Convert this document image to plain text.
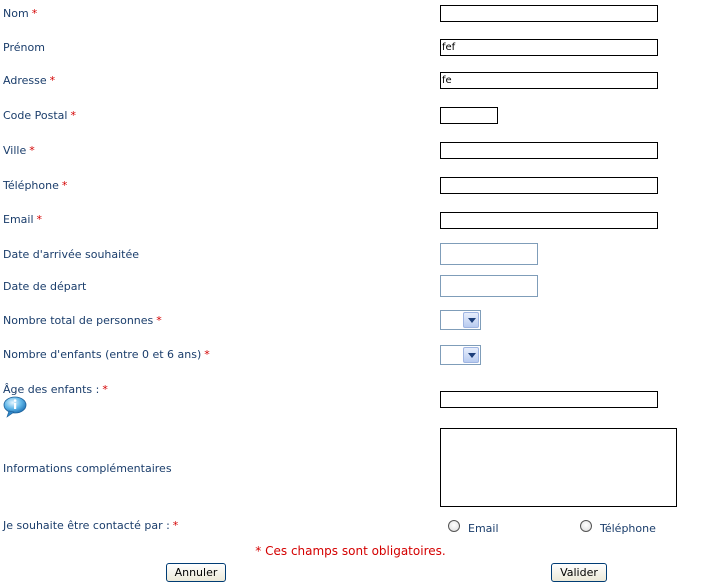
Nom *
Prénom	fef
Adresse *	fe
Code Postal *
Ville *
Téléphone *
Email *
Date d'arrivée souhaitée
Date de départ
Nombre total de personnes *
Nombre d'enfants (entre 0 et 6 ans) *
Âge des enfants : *
Informations complémentaires
Je souhaite être contacté par : *	Email	Téléphone
* Ces champs sont obligatoires.
Annuler	Valider
